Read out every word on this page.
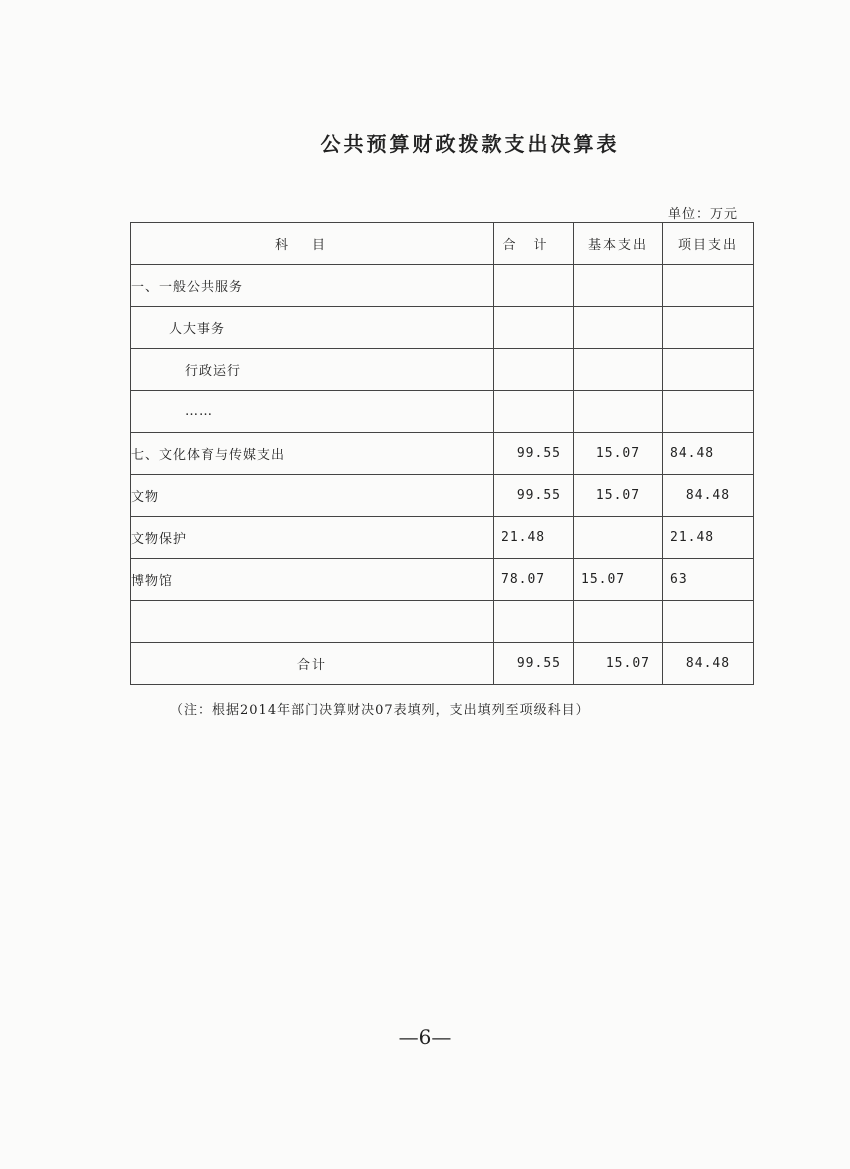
公共预算财政拨款支出决算表
单位：万元
科目	合计	基本支出	项目支出
一、一般公共服务			
人大事务			
行政运行			
……			
七、文化体育与传媒支出	99.55	15.07	84.48
文物	99.55	15.07	84.48
文物保护	21.48		21.48
博物馆	78.07	15.07	63

合计	99.55	15.07	84.48
（注：根据2014年部门决算财决07表填列，支出填列至项级科目）
—6—
